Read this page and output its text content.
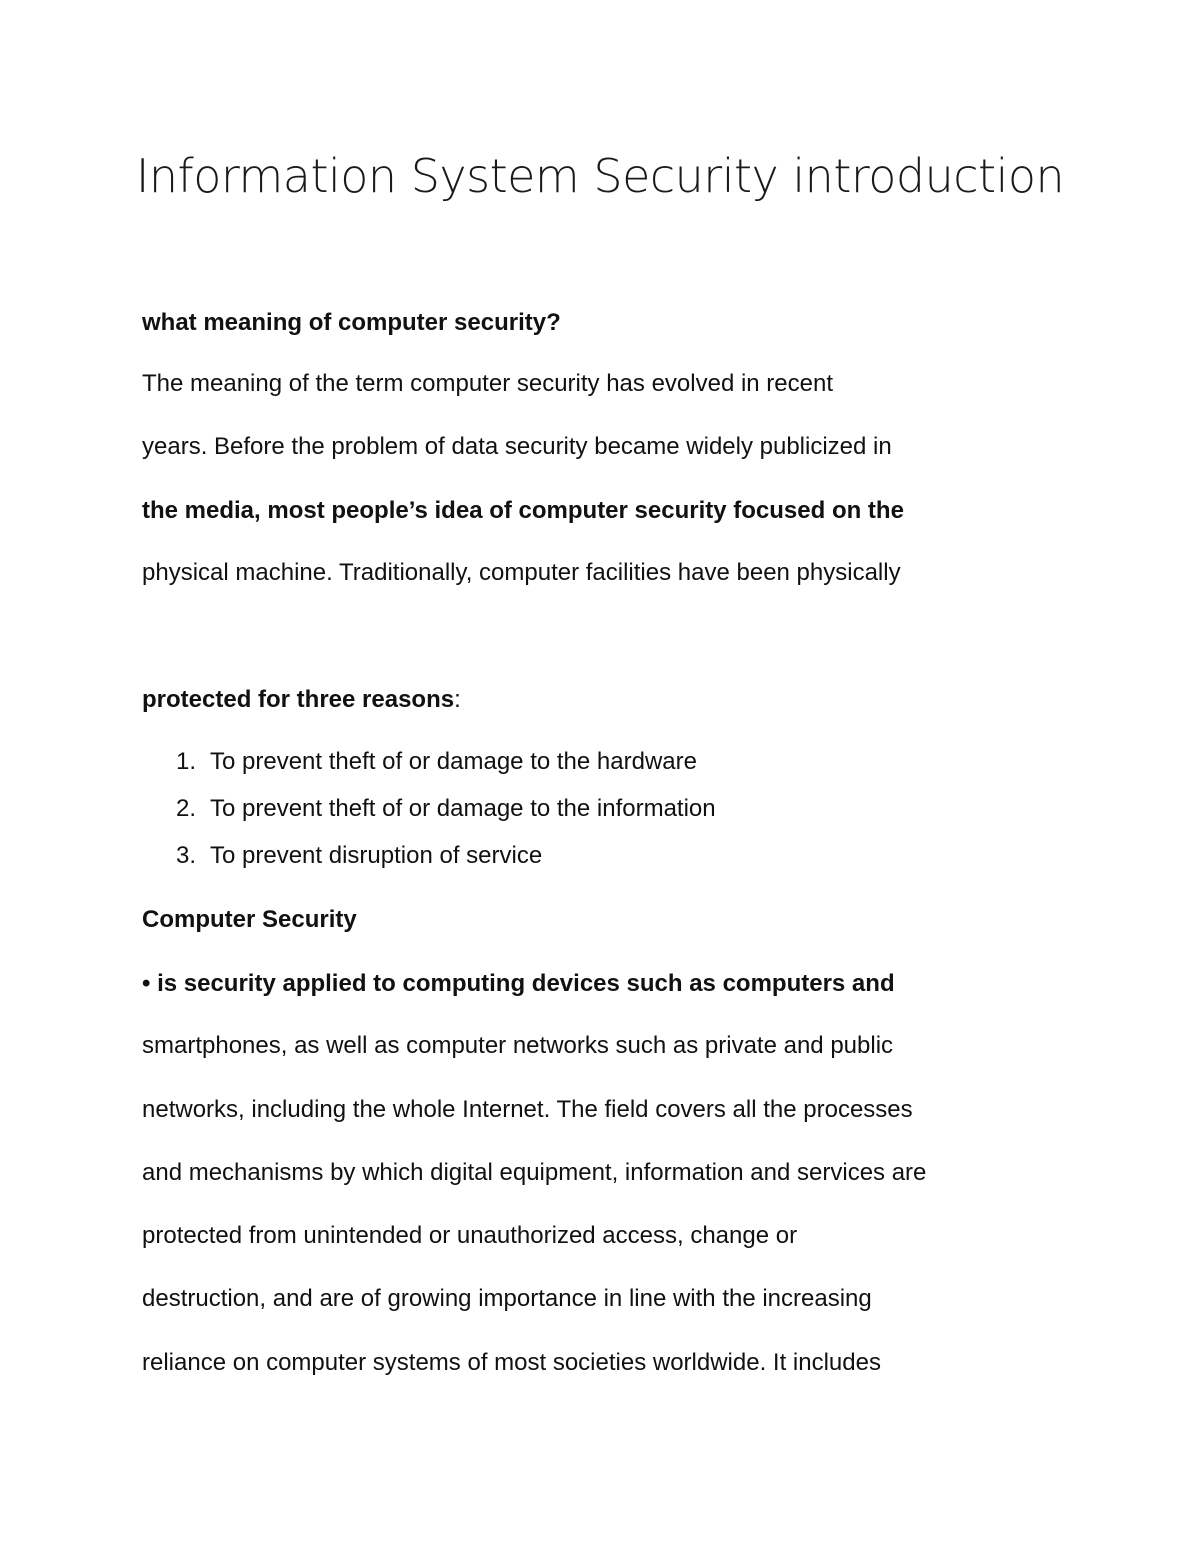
Information System Security introduction

what meaning of computer security?

The meaning of the term computer security has evolved in recent

years. Before the problem of data security became widely publicized in

the media, most people’s idea of computer security focused on the

physical machine. Traditionally, computer facilities have been physically

protected for three reasons:

1. To prevent theft of or damage to the hardware

2. To prevent theft of or damage to the information

3. To prevent disruption of service

Computer Security

• is security applied to computing devices such as computers and

smartphones, as well as computer networks such as private and public

networks, including the whole Internet. The field covers all the processes

and mechanisms by which digital equipment, information and services are

protected from unintended or unauthorized access, change or

destruction, and are of growing importance in line with the increasing

reliance on computer systems of most societies worldwide. It includes
